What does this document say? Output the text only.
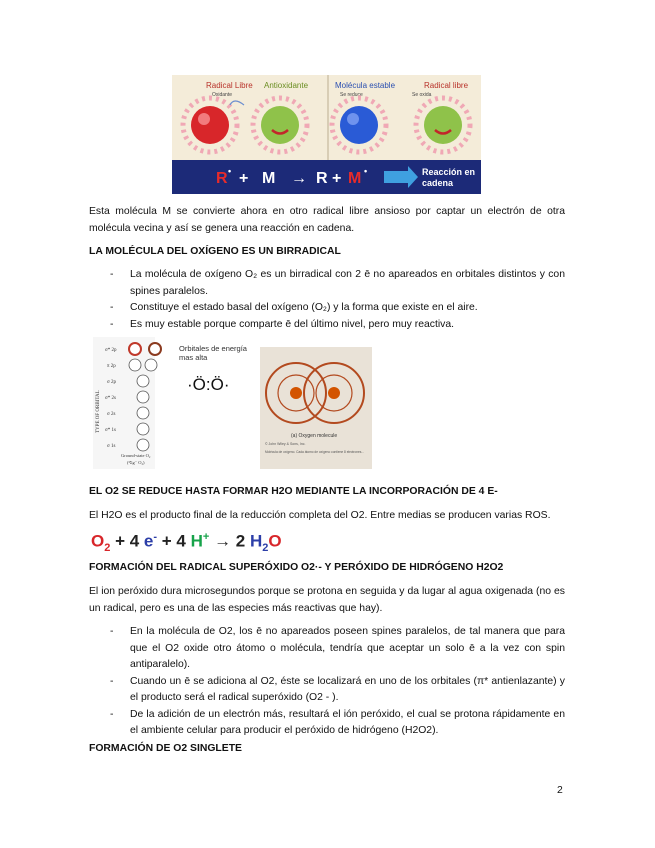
Radical Libre
Oxidante
Antioxidante	Molécula estable
Se reduce
Radical libre
Se oxida
R • + M → R + M •	Reacción en
cadena
Esta molécula M se convierte ahora en otro radical libre ansioso por captar un electrón de otra molécula vecina y así se genera una reacción en cadena.
LA MOLÉCULA DEL OXÍGENO ES UN BIRRADICAL
- La molécula de oxígeno O₂ es un birradical con 2 ē no apareados en orbitales distintos y con spines paralelos.
- Constituye el estado basal del oxígeno (O₂) y la forma que existe en el aire.
- Es muy estable porque comparte ē del último nivel, pero muy reactiva.
TYPE OF ORBITAL
σ* 2p
π 2p
σ 2p
σ* 2s
σ 2s
σ* 1s
σ 1s
Ground-state O₂
(³Σg⁻ O₂)
Orbitales de energía
mas alta
·Ö:Ö·
(a) Oxygen molecule
© John Wiley & Sons, Inc.
Molécula de oxígeno. Cada átomo de oxígeno contiene 8 electrones...
EL O2 SE REDUCE HASTA FORMAR H2O MEDIANTE LA INCORPORACIÓN DE 4 E-
El H2O es el producto final de la reducción completa del O2. Entre medias se producen varias ROS.
$O_2 + 4$ e- + 4 H+ → 2 $H_2O$
FORMACIÓN DEL RADICAL SUPERÓXIDO O2·- Y PERÓXIDO DE HIDRÓGENO H2O2
El ion peróxido dura microsegundos porque se protona en seguida y da lugar al agua oxigenada (no es un radical, pero es una de las especies más reactivas que hay).
- En la molécula de O2, los ē no apareados poseen spines paralelos, de tal manera que para que el O2 oxide otro átomo o molécula, tendría que aceptar un solo ē a la vez con spin antiparalelo).
- Cuando un ē se adiciona al O2, éste se localizará en uno de los orbitales (π* antienlazante) y el producto será el radical superóxido (O2 - ).
- De la adición de un electrón más, resultará el ión peróxido, el cual se protona rápidamente en el ambiente celular para producir el peróxido de hidrógeno (H2O2).
FORMACIÓN DE O2 SINGLETE
2
